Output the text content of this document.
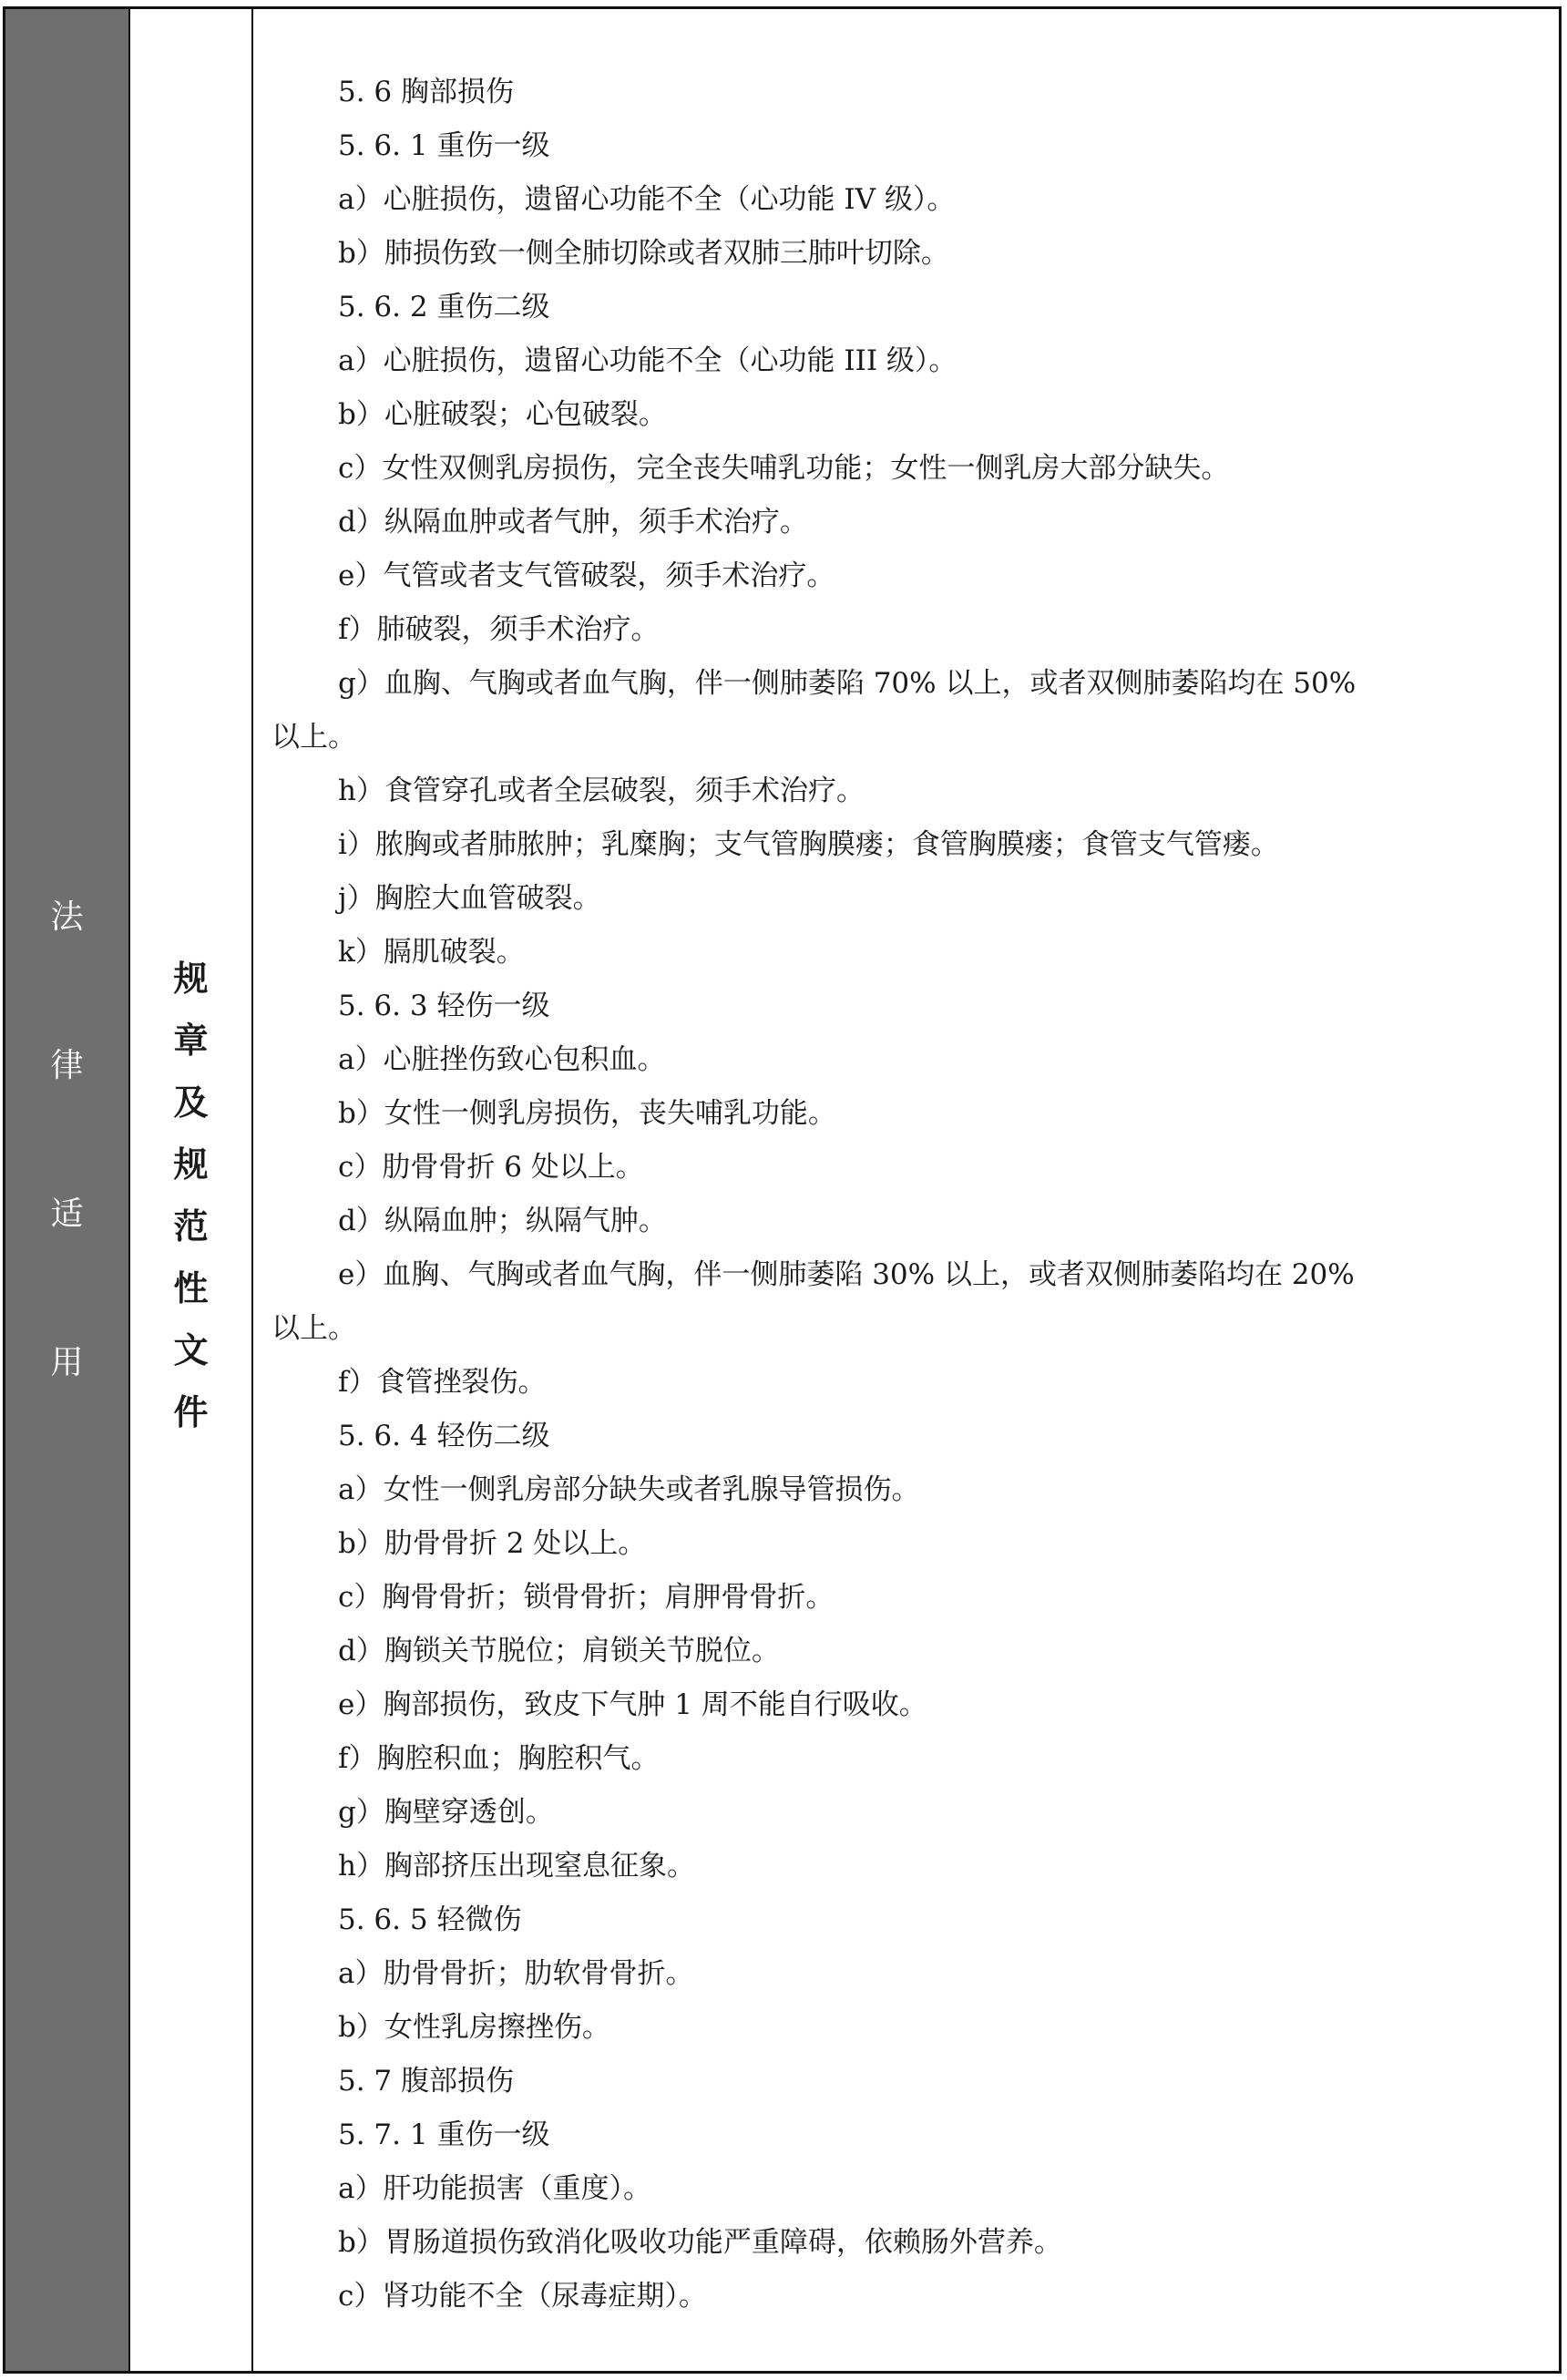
法
律
适
用
规
章
及
规
范
性
文
件
5. 6 胸部损伤
5. 6. 1 重伤一级
a）心脏损伤，遗留心功能不全（心功能 IV 级）。
b）肺损伤致一侧全肺切除或者双肺三肺叶切除。
5. 6. 2 重伤二级
a）心脏损伤，遗留心功能不全（心功能 III 级）。
b）心脏破裂；心包破裂。
c）女性双侧乳房损伤，完全丧失哺乳功能；女性一侧乳房大部分缺失。
d）纵隔血肿或者气肿，须手术治疗。
e）气管或者支气管破裂，须手术治疗。
f）肺破裂，须手术治疗。
g）血胸、气胸或者血气胸，伴一侧肺萎陷 70% 以上，或者双侧肺萎陷均在 50%
以上。
h）食管穿孔或者全层破裂，须手术治疗。
i）脓胸或者肺脓肿；乳糜胸；支气管胸膜瘘；食管胸膜瘘；食管支气管瘘。
j）胸腔大血管破裂。
k）膈肌破裂。
5. 6. 3 轻伤一级
a）心脏挫伤致心包积血。
b）女性一侧乳房损伤，丧失哺乳功能。
c）肋骨骨折 6 处以上。
d）纵隔血肿；纵隔气肿。
e）血胸、气胸或者血气胸，伴一侧肺萎陷 30% 以上，或者双侧肺萎陷均在 20%
以上。
f）食管挫裂伤。
5. 6. 4 轻伤二级
a）女性一侧乳房部分缺失或者乳腺导管损伤。
b）肋骨骨折 2 处以上。
c）胸骨骨折；锁骨骨折；肩胛骨骨折。
d）胸锁关节脱位；肩锁关节脱位。
e）胸部损伤，致皮下气肿 1 周不能自行吸收。
f）胸腔积血；胸腔积气。
g）胸壁穿透创。
h）胸部挤压出现窒息征象。
5. 6. 5 轻微伤
a）肋骨骨折；肋软骨骨折。
b）女性乳房擦挫伤。
5. 7 腹部损伤
5. 7. 1 重伤一级
a）肝功能损害（重度）。
b）胃肠道损伤致消化吸收功能严重障碍，依赖肠外营养。
c）肾功能不全（尿毒症期）。
